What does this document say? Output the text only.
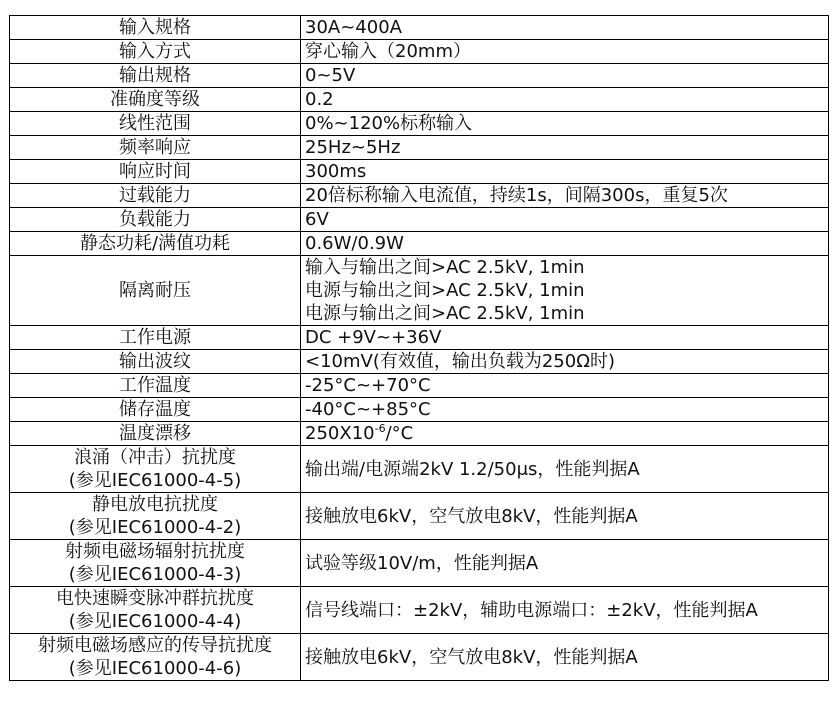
输入规格	30A~400A
输入方式	穿心输入（20mm）
输出规格	0~5V
准确度等级	0.2
线性范围	0%~120%标称输入
频率响应	25Hz~5Hz
响应时间	300ms
过载能力	20倍标称输入电流值，持续1s，间隔300s，重复5次
负载能力	6V
静态功耗/满值功耗	0.6W/0.9W
隔离耐压	输入与输出之间>AC 2.5kV, 1min
电源与输出之间>AC 2.5kV, 1min
电源与输出之间>AC 2.5kV, 1min

工作电源	DC +9V~+36V
输出波纹	<10mV(有效值，输出负载为250Ω时)
工作温度	-25°C~+70°C
储存温度	-40°C~+85°C
温度漂移	$250X10^{-6}/^\circ C$

浪涌（冲击）抗扰度
(参见IEC61000-4-5)	输出端/电源端2kV 1.2/50μs，性能判据A

静电放电抗扰度
(参见IEC61000-4-2)	接触放电6kV，空气放电8kV，性能判据A

射频电磁场辐射抗扰度
(参见IEC61000-4-3)	试验等级10V/m，性能判据A

电快速瞬变脉冲群抗扰度
(参见IEC61000-4-4)	信号线端口：±2kV，辅助电源端口：±2kV，性能判据A

射频电磁场感应的传导抗扰度
(参见IEC61000-4-6)	接触放电6kV，空气放电8kV，性能判据A
